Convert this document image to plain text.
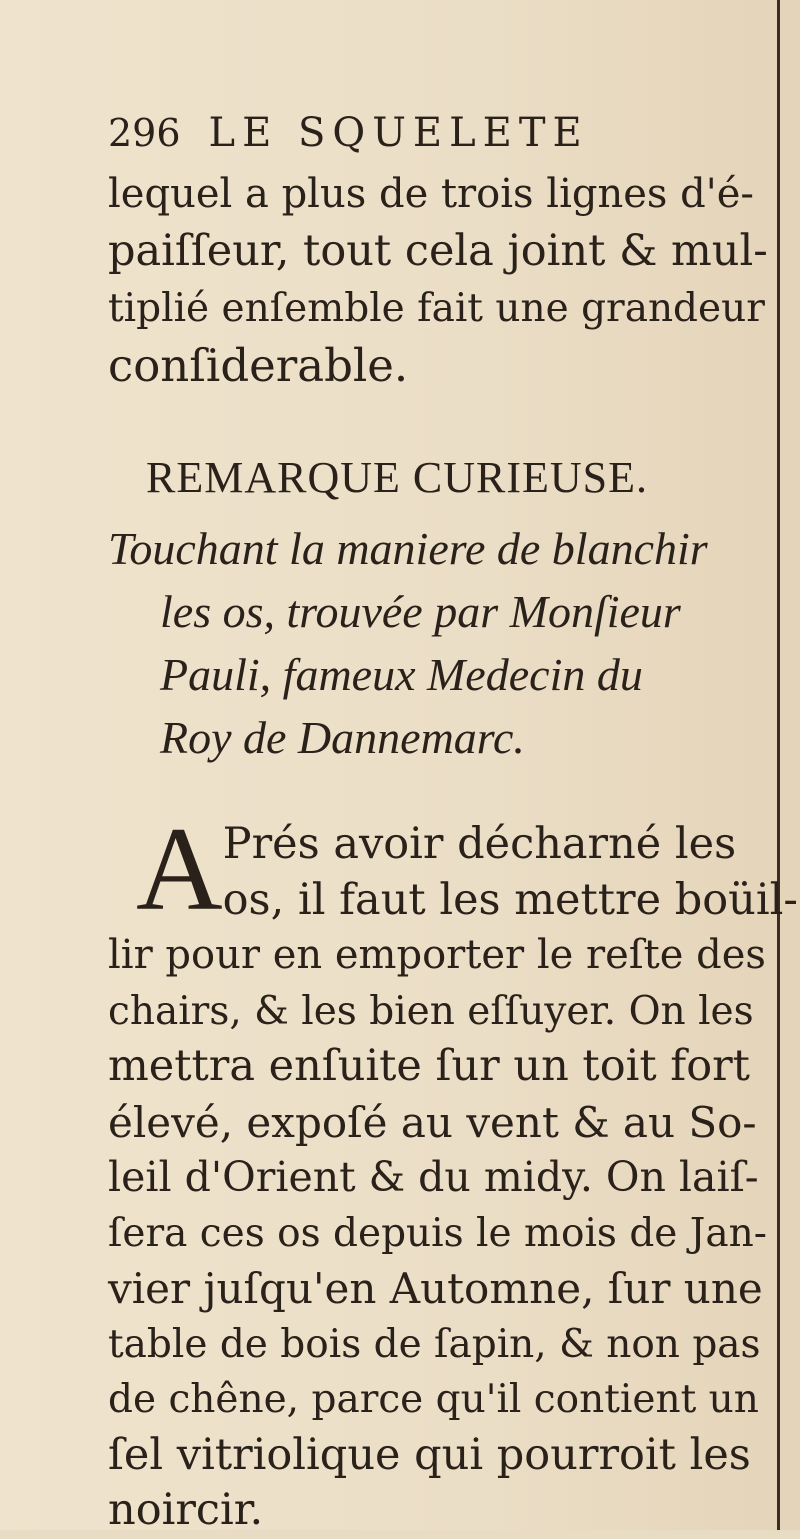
296 LE SQUELETE
lequel a plus de trois lignes d'é-
paiſſeur, tout cela joint & mul-
tiplié enſemble fait une grandeur
conſiderable.
REMARQUE CURIEUSE.
Touchant la maniere de blanchir
les os, trouvée par Monſieur
Pauli, fameux Medecin du
Roy de Dannemarc.
A Prés avoir décharné les
os, il faut les mettre boüil-
lir pour en emporter le reſte des
chairs, & les bien eſſuyer. On les
mettra enſuite ſur un toit fort
élevé, expoſé au vent & au So-
leil d'Orient & du midy. On laiſ-
ſera ces os depuis le mois de Jan-
vier juſqu'en Automne, ſur une
table de bois de ſapin, & non pas
de chêne, parce qu'il contient un
ſel vitriolique qui pourroit les
noircir.
